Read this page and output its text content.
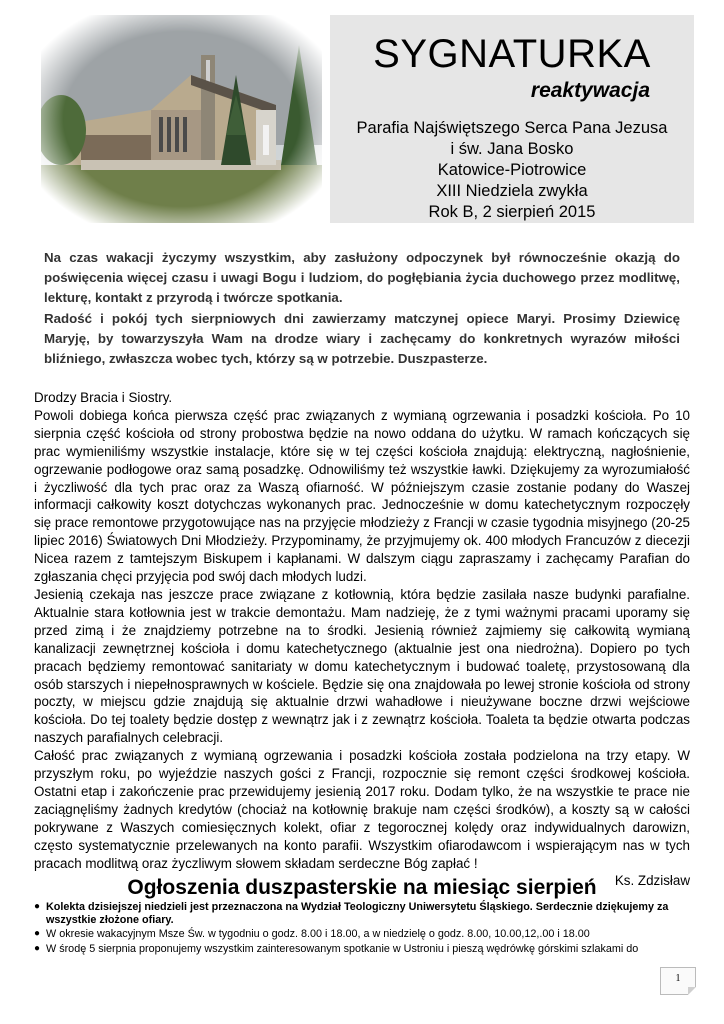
SYGNATURKA
reaktywacja
Parafia Najświętszego Serca Pana Jezusa
i św. Jana Bosko
Katowice-Piotrowice
XIII Niedziela zwykła
Rok B, 2 sierpień 2015

Na czas wakacji życzymy wszystkim, aby zasłużony odpoczynek był równocześnie okazją do poświęcenia więcej czasu i uwagi Bogu i ludziom, do pogłębiania życia duchowego przez modlitwę, lekturę, kontakt z przyrodą i twórcze spotkania.

Radość i pokój tych sierpniowych dni zawierzamy matczynej opiece Maryi. Prosimy Dziewicę Maryję, by towarzyszyła Wam na drodze wiary i zachęcamy do konkretnych wyrazów miłości bliźniego, zwłaszcza wobec tych, którzy są w potrzebie. Duszpasterze.

Drodzy Bracia i Siostry.

Powoli dobiega końca pierwsza część prac związanych z wymianą ogrzewania i posadzki kościoła. Po 10 sierpnia część kościoła od strony probostwa będzie na nowo oddana do użytku. W ramach kończących się prac wymieniliśmy wszystkie instalacje, które się w tej części kościoła znajdują: elektryczną, nagłośnienie, ogrzewanie podłogowe oraz samą posadzkę. Odnowiliśmy też wszystkie ławki. Dziękujemy za wyrozumiałość i życzliwość dla tych prac oraz za Waszą ofiarność. W późniejszym czasie zostanie podany do Waszej informacji całkowity koszt dotychczas wykonanych prac. Jednocześnie w domu katechetycznym rozpoczęły się prace remontowe przygotowujące nas na przyjęcie młodzieży z Francji w czasie tygodnia misyjnego (20-25 lipiec 2016) Światowych Dni Młodzieży. Przypominamy, że przyjmujemy ok. 400 młodych Francuzów z diecezji Nicea razem z tamtejszym Biskupem i kapłanami. W dalszym ciągu zapraszamy i zachęcamy Parafian do zgłaszania chęci przyjęcia pod swój dach młodych ludzi.

Jesienią czekaja nas jeszcze prace związane z kotłownią, która będzie zasilała nasze budynki parafialne. Aktualnie stara kotłownia jest w trakcie demontażu. Mam nadzieję, że z tymi ważnymi pracami uporamy się przed zimą i że znajdziemy potrzebne na to środki. Jesienią również zajmiemy się całkowitą wymianą kanalizacji zewnętrznej kościoła i domu katechetycznego (aktualnie jest ona niedrożna). Dopiero po tych pracach będziemy remontować sanitariaty w domu katechetycznym i budować toaletę, przystosowaną dla osób starszych i niepełnosprawnych w kościele. Będzie się ona znajdowała po lewej stronie kościoła od strony poczty, w miejscu gdzie znajdują się aktualnie drzwi wahadłowe i nieużywane boczne drzwi wejściowe kościoła. Do tej toalety będzie dostęp z wewnątrz jak i z zewnątrz kościoła. Toaleta ta będzie otwarta podczas naszych parafialnych celebracji.

Całość prac związanych z wymianą ogrzewania i posadzki kościoła została podzielona na trzy etapy. W przyszłym roku, po wyjeździe naszych gości z Francji, rozpocznie się remont części środkowej kościoła. Ostatni etap i zakończenie prac przewidujemy jesienią 2017 roku. Dodam tylko, że na wszystkie te prace nie zaciągnęliśmy żadnych kredytów (chociaż na kotłownię brakuje nam części środków), a koszty są w całości pokrywane z Waszych comiesięcznych kolekt, ofiar z tegorocznej kolędy oraz indywidualnych darowizn, często systematycznie przelewanych na konto parafii. Wszystkim ofiarodawcom i wspierającym nas w tych pracach modlitwą oraz życzliwym słowem składam serdeczne Bóg zapłać !

Ks. Zdzisław

Ogłoszenia duszpasterskie na miesiąc sierpień
● Kolekta dzisiejszej niedzieli jest przeznaczona na Wydział Teologiczny Uniwersytetu Śląskiego. Serdecznie dziękujemy za wszystkie złożone ofiary.
● W okresie wakacyjnym Msze Św. w tygodniu o godz. 8.00 i 18.00, a w niedzielę o godz. 8.00, 10.00,12,.00 i 18.00
● W środę 5 sierpnia proponujemy wszystkim zainteresowanym spotkanie w Ustroniu i pieszą wędrówkę górskimi szlakami do
1
